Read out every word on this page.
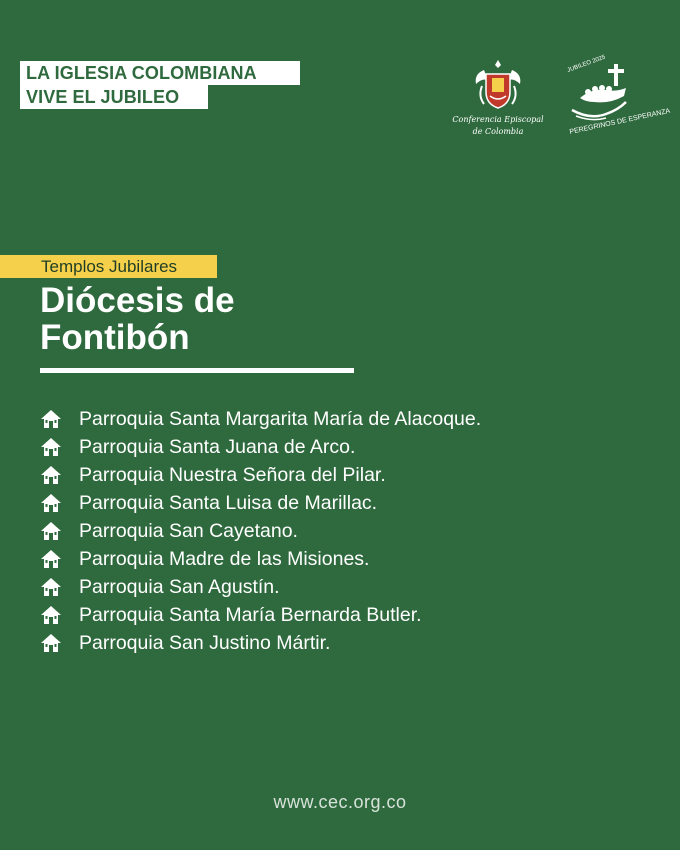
LA IGLESIA COLOMBIANA
VIVE EL JUBILEO
Conferencia Episcopal
de Colombia
JUBILEO 2025
PEREGRINOS DE ESPERANZA
Templos Jubilares
Diócesis de
Fontibón
Parroquia Santa Margarita María de Alacoque.
Parroquia Santa Juana de Arco.
Parroquia Nuestra Señora del Pilar.
Parroquia Santa Luisa de Marillac.
Parroquia San Cayetano.
Parroquia Madre de las Misiones.
Parroquia San Agustín.
Parroquia Santa María Bernarda Butler.
Parroquia San Justino Mártir.
www.cec.org.co
